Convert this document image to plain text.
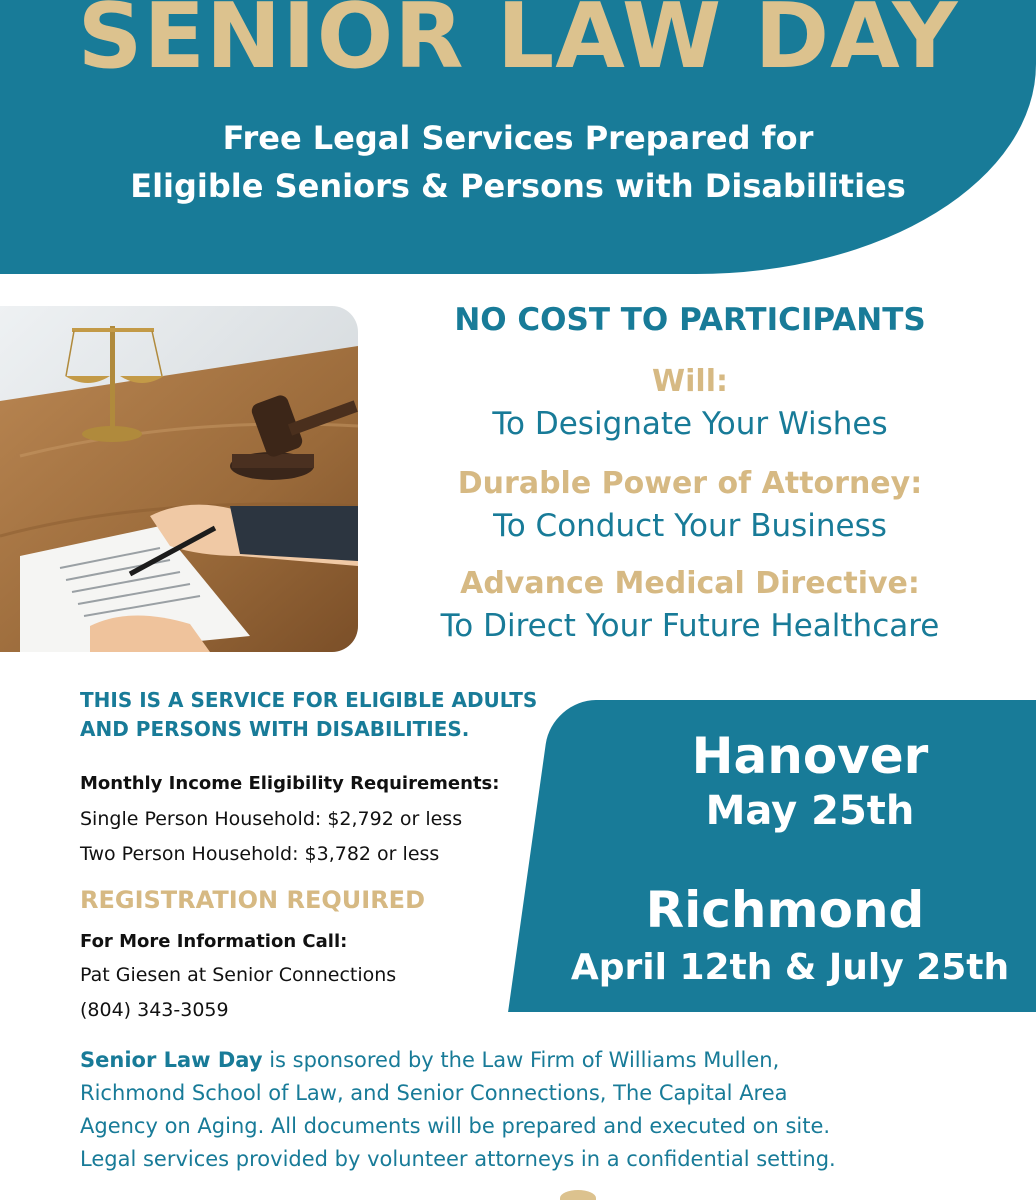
SENIOR LAW DAY
Free Legal Services Prepared for
Eligible Seniors & Persons with Disabilities
NO COST TO PARTICIPANTS
Will:
To Designate Your Wishes
Durable Power of Attorney:
To Conduct Your Business
Advance Medical Directive:
To Direct Your Future Healthcare
THIS IS A SERVICE FOR ELIGIBLE ADULTS
AND PERSONS WITH DISABILITIES.
Monthly Income Eligibility Requirements:
Single Person Household: $2,792 or less
Two Person Household: $3,782 or less
REGISTRATION REQUIRED
For More Information Call:
Pat Giesen at Senior Connections
(804) 343-3059
Hanover
May 25th
Richmond
April 12th & July 25th
Senior Law Day is sponsored by the Law Firm of Williams Mullen,
Richmond School of Law, and Senior Connections, The Capital Area
Agency on Aging. All documents will be prepared and executed on site.
Legal services provided by volunteer attorneys in a confidential setting.
